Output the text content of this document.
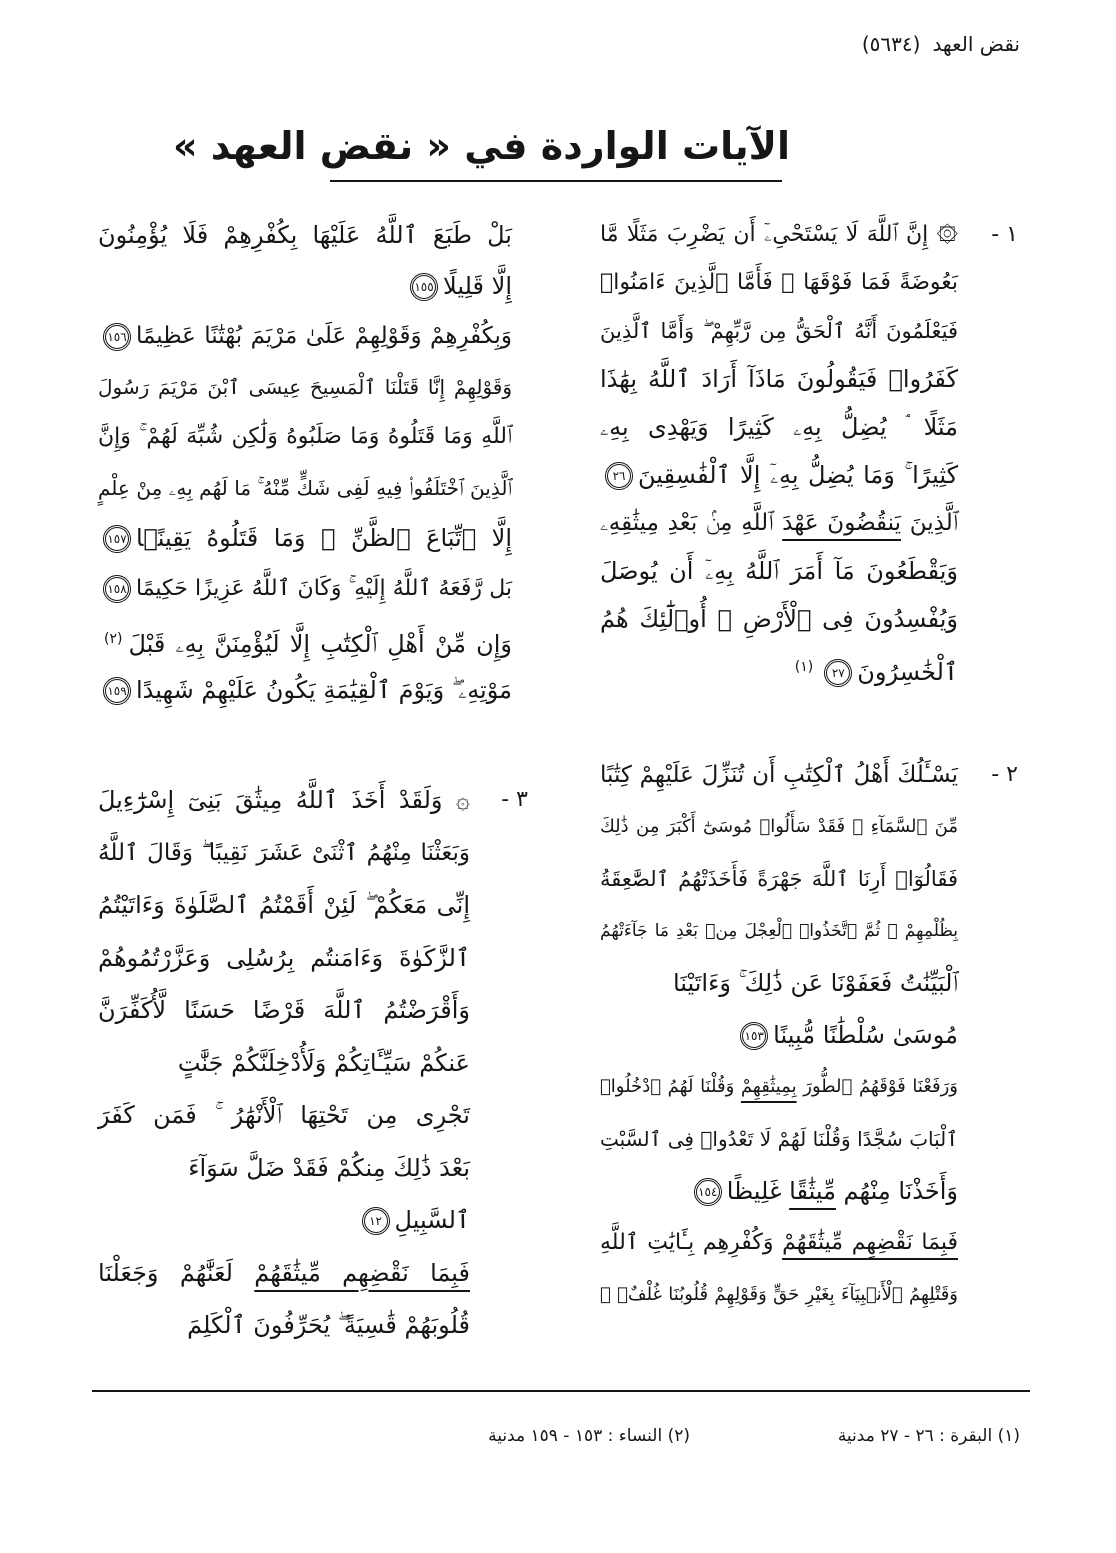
نقض العهد
(٥٦٣٤)
الآيات الواردة في « نقض العهد »
١ -
۞ إِنَّ ٱللَّهَ لَا يَسْتَحْىِۦٓ أَن يَضْرِبَ مَثَلًا مَّا
بَعُوضَةً فَمَا فَوْقَهَا ۚ فَأَمَّا ٱلَّذِينَ ءَامَنُوا۟
فَيَعْلَمُونَ أَنَّهُ ٱلْحَقُّ مِن رَّبِّهِمْ ۖ وَأَمَّا ٱلَّذِينَ
كَفَرُوا۟ فَيَقُولُونَ مَاذَآ أَرَادَ ٱللَّهُ بِهَٰذَا
مَثَلًا ۘ يُضِلُّ بِهِۦ كَثِيرًا وَيَهْدِى بِهِۦ
كَثِيرًا ۚ وَمَا يُضِلُّ بِهِۦٓ إِلَّا ٱلْفَٰسِقِينَ٢٦
ٱلَّذِينَ يَنقُضُونَ عَهْدَ ٱللَّهِ مِنۢ بَعْدِ مِيثَٰقِهِۦ
وَيَقْطَعُونَ مَآ أَمَرَ ٱللَّهُ بِهِۦٓ أَن يُوصَلَ
وَيُفْسِدُونَ فِى ٱلْأَرْضِ ۚ أُو۟لَٰٓئِكَ هُمُ
ٱلْخَٰسِرُونَ٢٧$^{(١)}$
٢ -
يَسْـَٔلُكَ أَهْلُ ٱلْكِتَٰبِ أَن تُنَزِّلَ عَلَيْهِمْ كِتَٰبًا
مِّنَ ٱلسَّمَآءِ ۚ فَقَدْ سَأَلُوا۟ مُوسَىٰٓ أَكْبَرَ مِن ذَٰلِكَ
فَقَالُوٓا۟ أَرِنَا ٱللَّهَ جَهْرَةً فَأَخَذَتْهُمُ ٱلصَّٰعِقَةُ
بِظُلْمِهِمْ ۚ ثُمَّ ٱتَّخَذُوا۟ ٱلْعِجْلَ مِنۢ بَعْدِ مَا جَآءَتْهُمُ
ٱلْبَيِّنَٰتُ فَعَفَوْنَا عَن ذَٰلِكَ ۚ وَءَاتَيْنَا
مُوسَىٰ سُلْطَٰنًا مُّبِينًا١٥٣
وَرَفَعْنَا فَوْقَهُمُ ٱلطُّورَ بِمِيثَٰقِهِمْ وَقُلْنَا لَهُمُ ٱدْخُلُوا۟
ٱلْبَابَ سُجَّدًا وَقُلْنَا لَهُمْ لَا تَعْدُوا۟ فِى ٱلسَّبْتِ
وَأَخَذْنَا مِنْهُم مِّيثَٰقًا غَلِيظًا١٥٤
فَبِمَا نَقْضِهِم مِّيثَٰقَهُمْ وَكُفْرِهِم بِـَٔايَٰتِ ٱللَّهِ
وَقَتْلِهِمُ ٱلْأَنۢبِيَآءَ بِغَيْرِ حَقٍّ وَقَوْلِهِمْ قُلُوبُنَا غُلْفٌۢ ۚ
بَلْ طَبَعَ ٱللَّهُ عَلَيْهَا بِكُفْرِهِمْ فَلَا يُؤْمِنُونَ
إِلَّا قَلِيلًا١٥٥
وَبِكُفْرِهِمْ وَقَوْلِهِمْ عَلَىٰ مَرْيَمَ بُهْتَٰنًا عَظِيمًا١٥٦
وَقَوْلِهِمْ إِنَّا قَتَلْنَا ٱلْمَسِيحَ عِيسَى ٱبْنَ مَرْيَمَ رَسُولَ
ٱللَّهِ وَمَا قَتَلُوهُ وَمَا صَلَبُوهُ وَلَٰكِن شُبِّهَ لَهُمْ ۚ وَإِنَّ
ٱلَّذِينَ ٱخْتَلَفُوا۟ فِيهِ لَفِى شَكٍّ مِّنْهُ ۚ مَا لَهُم بِهِۦ مِنْ عِلْمٍ
إِلَّا ٱتِّبَاعَ ٱلظَّنِّ ۚ وَمَا قَتَلُوهُ يَقِينًۢا١٥٧
بَل رَّفَعَهُ ٱللَّهُ إِلَيْهِ ۚ وَكَانَ ٱللَّهُ عَزِيزًا حَكِيمًا١٥٨
وَإِن مِّنْ أَهْلِ ٱلْكِتَٰبِ إِلَّا لَيُؤْمِنَنَّ بِهِۦ قَبْلَ$^{(٢)}$
مَوْتِهِۦ ۖ وَيَوْمَ ٱلْقِيَٰمَةِ يَكُونُ عَلَيْهِمْ شَهِيدًا١٥٩
٣ -
۞ وَلَقَدْ أَخَذَ ٱللَّهُ مِيثَٰقَ بَنِىٓ إِسْرَٰٓءِيلَ
وَبَعَثْنَا مِنْهُمُ ٱثْنَىْ عَشَرَ نَقِيبًا ۖ وَقَالَ ٱللَّهُ
إِنِّى مَعَكُمْ ۖ لَئِنْ أَقَمْتُمُ ٱلصَّلَوٰةَ وَءَاتَيْتُمُ
ٱلزَّكَوٰةَ وَءَامَنتُم بِرُسُلِى وَعَزَّرْتُمُوهُمْ
وَأَقْرَضْتُمُ ٱللَّهَ قَرْضًا حَسَنًا لَّأُكَفِّرَنَّ
عَنكُمْ سَيِّـَٔاتِكُمْ وَلَأُدْخِلَنَّكُمْ جَنَّٰتٍ
تَجْرِى مِن تَحْتِهَا ٱلْأَنْهَٰرُ ۚ فَمَن كَفَرَ
بَعْدَ ذَٰلِكَ مِنكُمْ فَقَدْ ضَلَّ سَوَآءَ
ٱلسَّبِيلِ١٢
فَبِمَا نَقْضِهِم مِّيثَٰقَهُمْ لَعَنَّٰهُمْ وَجَعَلْنَا
قُلُوبَهُمْ قَٰسِيَةً ۖ يُحَرِّفُونَ ٱلْكَلِمَ
(١) البقرة : ٢٦ - ٢٧ مدنية
(٢) النساء : ١٥٣ - ١٥٩ مدنية
